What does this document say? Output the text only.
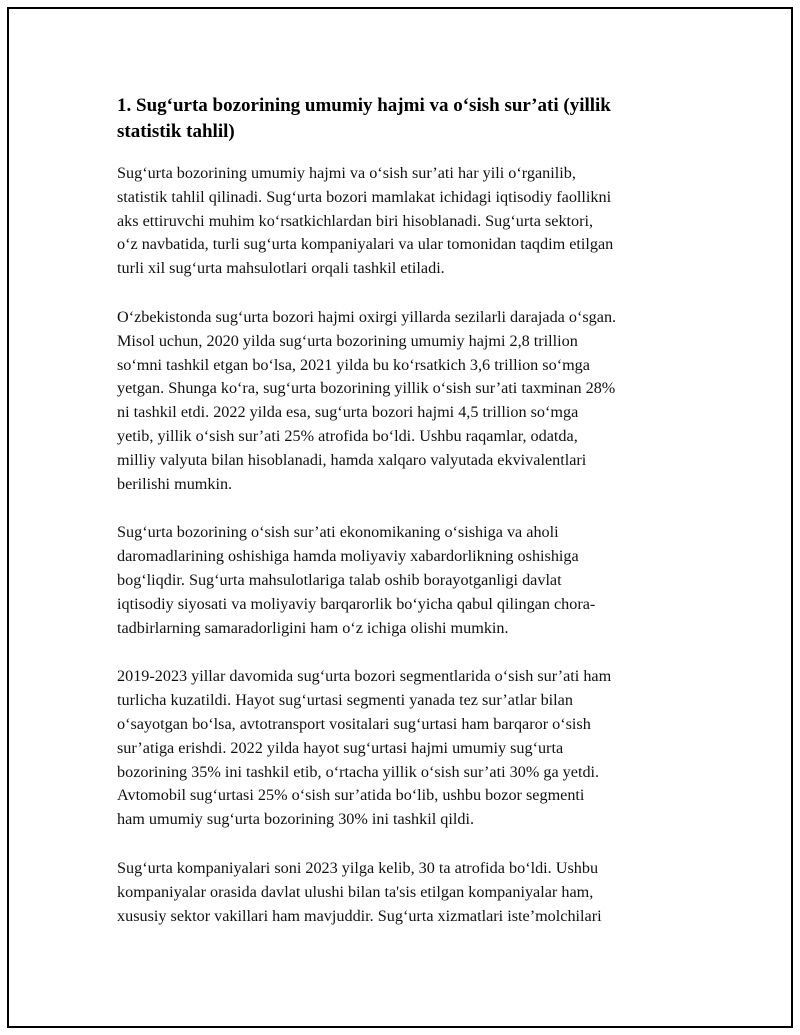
1. Sug‘urta bozorining umumiy hajmi va o‘sish sur’ati (yillik
statistik tahlil)

Sug‘urta bozorining umumiy hajmi va o‘sish sur’ati har yili o‘rganilib,
statistik tahlil qilinadi. Sug‘urta bozori mamlakat ichidagi iqtisodiy faollikni
aks ettiruvchi muhim ko‘rsatkichlardan biri hisoblanadi. Sug‘urta sektori,
o‘z navbatida, turli sug‘urta kompaniyalari va ular tomonidan taqdim etilgan
turli xil sug‘urta mahsulotlari orqali tashkil etiladi.

O‘zbekistonda sug‘urta bozori hajmi oxirgi yillarda sezilarli darajada o‘sgan.
Misol uchun, 2020 yilda sug‘urta bozorining umumiy hajmi 2,8 trillion
so‘mni tashkil etgan bo‘lsa, 2021 yilda bu ko‘rsatkich 3,6 trillion so‘mga
yetgan. Shunga ko‘ra, sug‘urta bozorining yillik o‘sish sur’ati taxminan 28%
ni tashkil etdi. 2022 yilda esa, sug‘urta bozori hajmi 4,5 trillion so‘mga
yetib, yillik o‘sish sur’ati 25% atrofida bo‘ldi. Ushbu raqamlar, odatda,
milliy valyuta bilan hisoblanadi, hamda xalqaro valyutada ekvivalentlari
berilishi mumkin.

Sug‘urta bozorining o‘sish sur’ati ekonomikaning o‘sishiga va aholi
daromadlarining oshishiga hamda moliyaviy xabardorlikning oshishiga
bog‘liqdir. Sug‘urta mahsulotlariga talab oshib borayotganligi davlat
iqtisodiy siyosati va moliyaviy barqarorlik bo‘yicha qabul qilingan chora-
tadbirlarning samaradorligini ham o‘z ichiga olishi mumkin.

2019-2023 yillar davomida sug‘urta bozori segmentlarida o‘sish sur’ati ham
turlicha kuzatildi. Hayot sug‘urtasi segmenti yanada tez sur’atlar bilan
o‘sayotgan bo‘lsa, avtotransport vositalari sug‘urtasi ham barqaror o‘sish
sur’atiga erishdi. 2022 yilda hayot sug‘urtasi hajmi umumiy sug‘urta
bozorining 35% ini tashkil etib, o‘rtacha yillik o‘sish sur’ati 30% ga yetdi.
Avtomobil sug‘urtasi 25% o‘sish sur’atida bo‘lib, ushbu bozor segmenti
ham umumiy sug‘urta bozorining 30% ini tashkil qildi.

Sug‘urta kompaniyalari soni 2023 yilga kelib, 30 ta atrofida bo‘ldi. Ushbu
kompaniyalar orasida davlat ulushi bilan ta'sis etilgan kompaniyalar ham,
xususiy sektor vakillari ham mavjuddir. Sug‘urta xizmatlari iste’molchilari
